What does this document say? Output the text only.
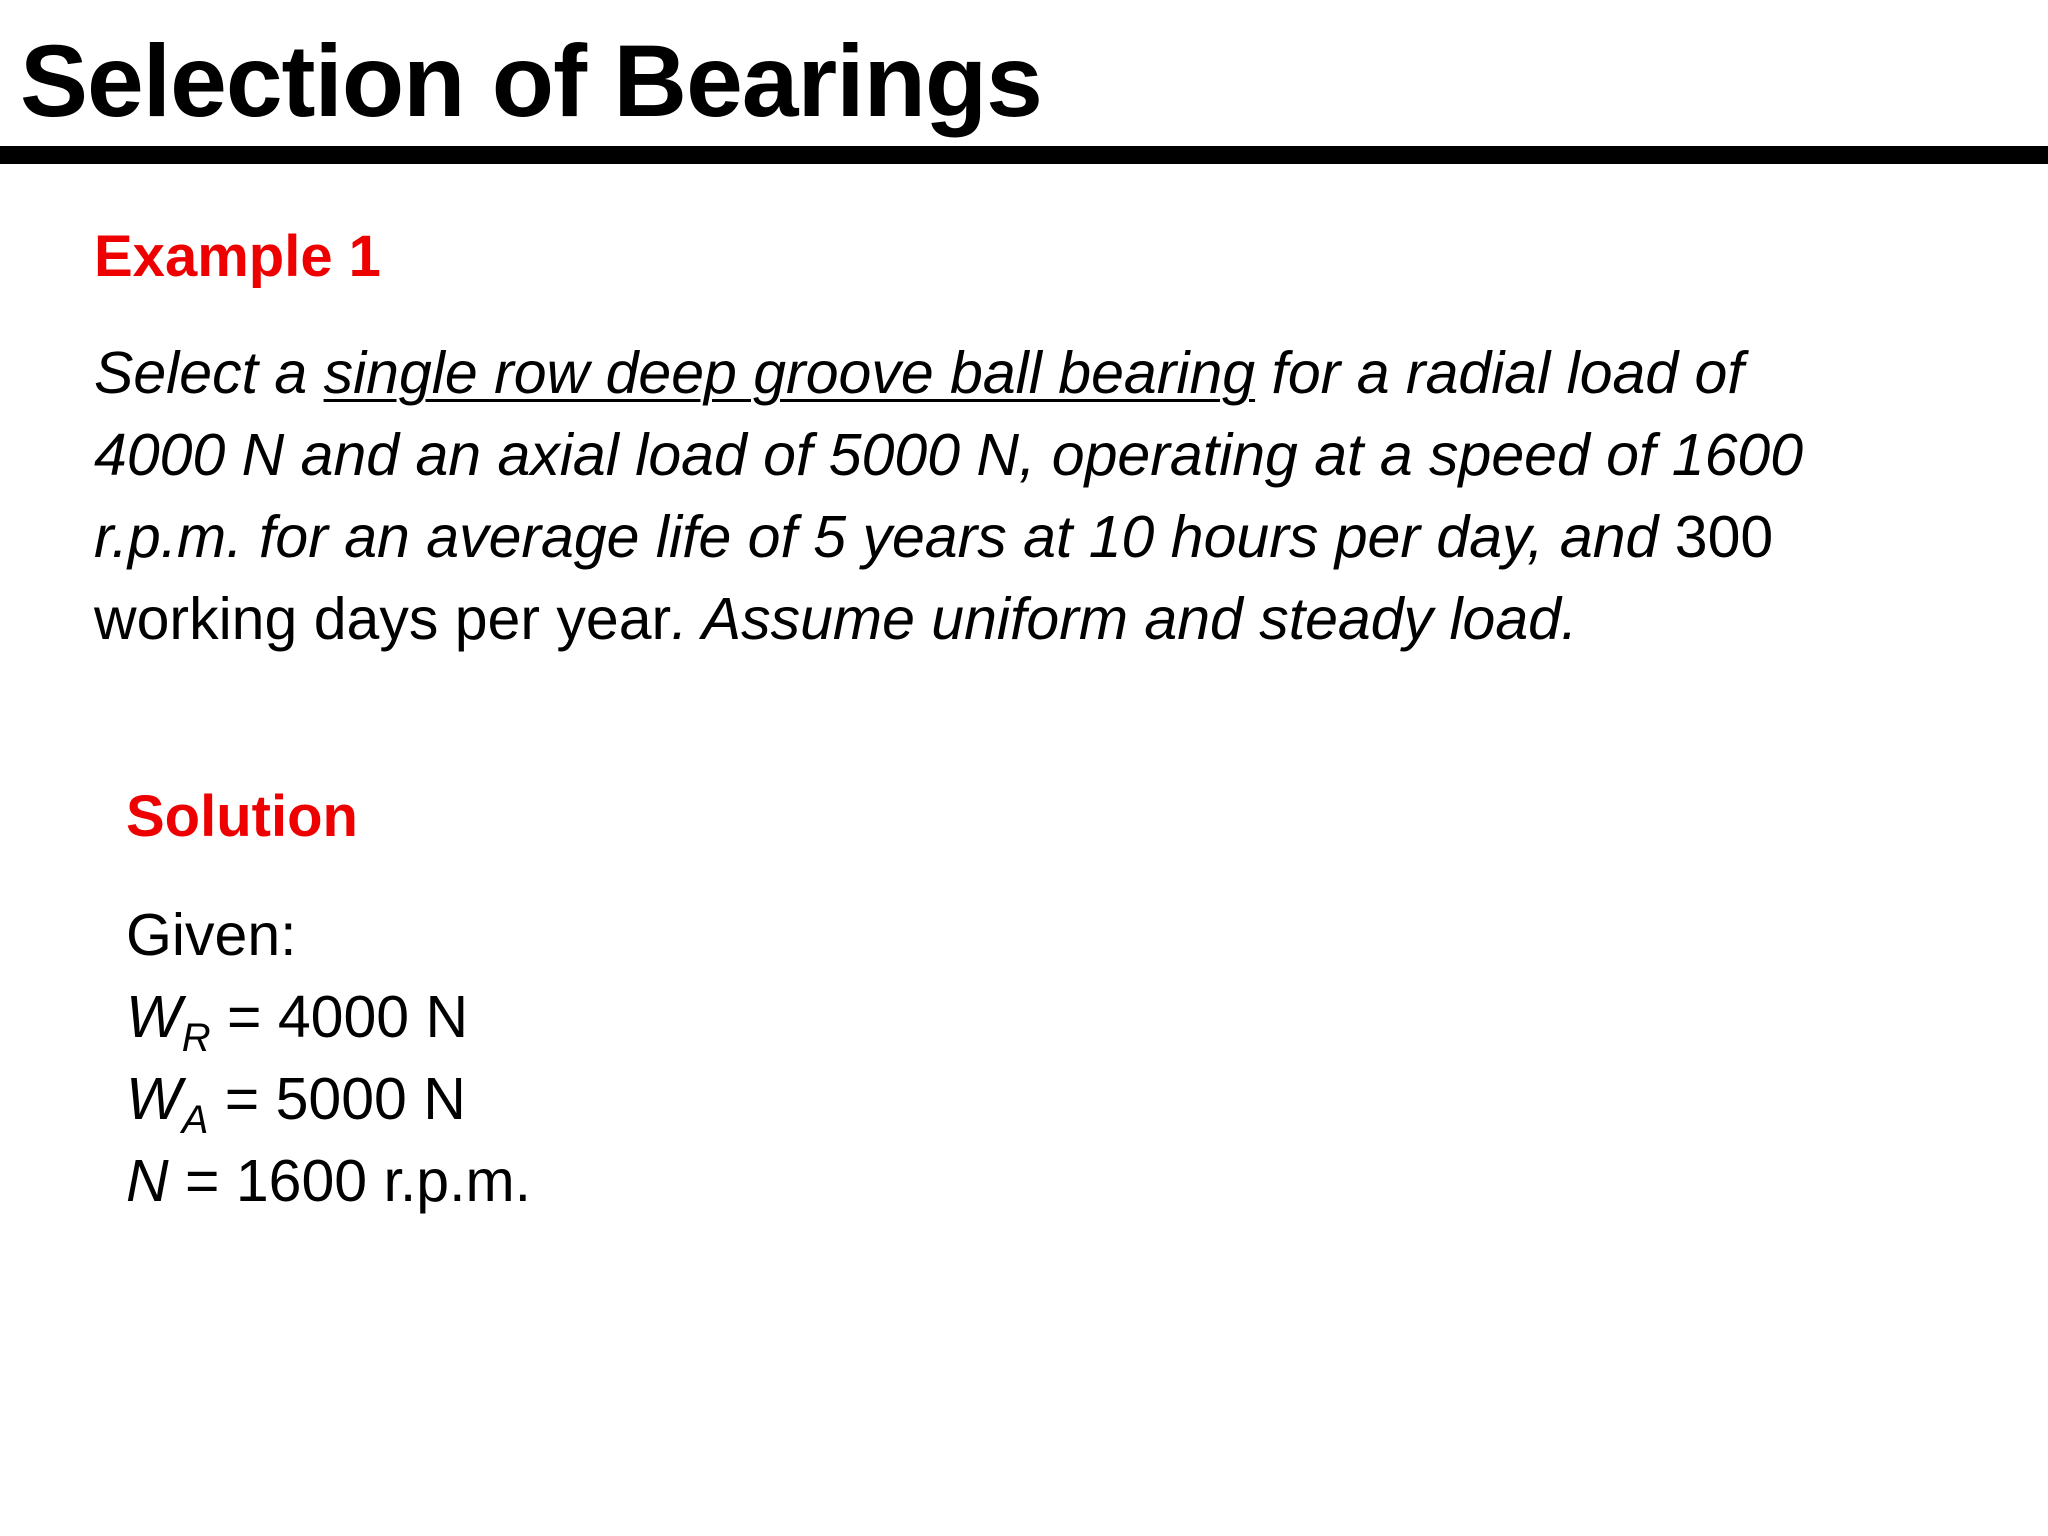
Selection of Bearings
Example 1

Select a single row deep groove ball bearing for a radial load of
4000 N and an axial load of 5000 N, operating at a speed of 1600
r.p.m. for an average life of 5 years at 10 hours per day, and 300
working days per year. Assume uniform and steady load.

Solution
Given:
$W_R = 4000$ N
$W_A = 5000$ N
N = 1600 r.p.m.
